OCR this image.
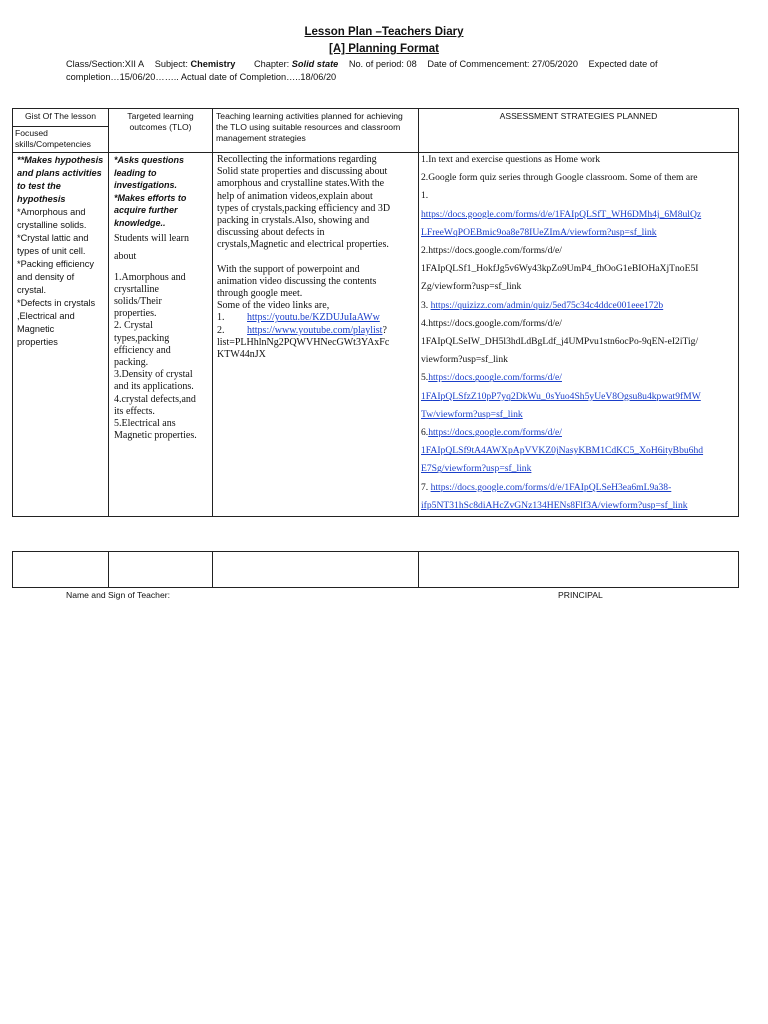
Lesson Plan –Teachers Diary
[A] Planning Format
Class/Section:XII A Subject: Chemistry Chapter: Solid state No. of period: 08 Date of Commencement: 27/05/2020 Expected date of
completion…15/06/20…….. Actual date of Completion…..18/06/20
Gist Of The lesson
Focused skills/Competencies
Targeted learning outcomes (TLO)
Teaching learning activities planned for achieving the TLO using suitable resources and classroom management strategies
ASSESSMENT STRATEGIES PLANNED
**Makes hypothesis
and plans activities
to test the
hypothesis
*Amorphous and
crystalline solids.
*Crystal lattic and
types of unit cell.
*Packing efficiency
and density of
crystal.
*Defects in crystals
,Electrical and
Magnetic
properties
*Asks questions
leading to
investigations.
*Makes efforts to
acquire further
knowledge..
Students will learn
about
1.Amorphous and
crysrtalline
solids/Their
properties.
2. Crystal
types,packing
efficiency and
packing.
3.Density of crystal
and its applications.
4.crystal defects,and
its effects.
5.Electrical ans
Magnetic properties.
Recollecting the informations regarding
Solid state properties and discussing about
amorphous and crystalline states.With the
help of animation videos,explain about
types of crystals,packing efficiency and 3D
packing in crystals.Also, showing and
discussing about defects in
crystals,Magnetic and electrical properties.
With the support of powerpoint and
animation video discussing the contents
through google meet.
Some of the video links are,
1. https://youtu.be/KZDUJuIaAWw
2. https://www.youtube.com/playlist?
list=PLHhlnNg2PQWVHNecGWt3YAxFc
KTW44nJX
1.In text and exercise questions as Home work
2.Google form quiz series through Google classroom. Some of them are
1.
https://docs.google.com/forms/d/e/1FAIpQLSfT_WH6DMh4j_6M8ulQz
LFreeWqPOEBmic9oa8e78IUeZImA/viewform?usp=sf_link
2.https://docs.google.com/forms/d/e/
1FAIpQLSf1_HokfJg5v6Wy43kpZo9UmP4_fhOoG1eBIOHaXjTnoE5I
Zg/viewform?usp=sf_link
3. https://quizizz.com/admin/quiz/5ed75c34c4ddce001eee172b
4.https://docs.google.com/forms/d/e/
1FAIpQLSeIW_DH5l3hdLdBgLdf_j4UMPvu1stn6ocPo-9qEN-eI2iTig/
viewform?usp=sf_link
5.https://docs.google.com/forms/d/e/
1FAIpQLSfzZ10pP7yq2DkWu_0sYuo4Sh5yUeV8Ogsu8u4kpwat9fMW
Tw/viewform?usp=sf_link
6.https://docs.google.com/forms/d/e/
1FAIpQLSf9tA4AWXpApVVKZ0jNasyKBM1CdKC5_XoH6ityBbu6hd
E7Sg/viewform?usp=sf_link
7. https://docs.google.com/forms/d/e/1FAIpQLSeH3ea6mL9a38-
ifp5NT31hSc8diAHcZvGNz134HENs8Flf3A/viewform?usp=sf_link
Name and Sign of Teacher:	PRINCIPAL
